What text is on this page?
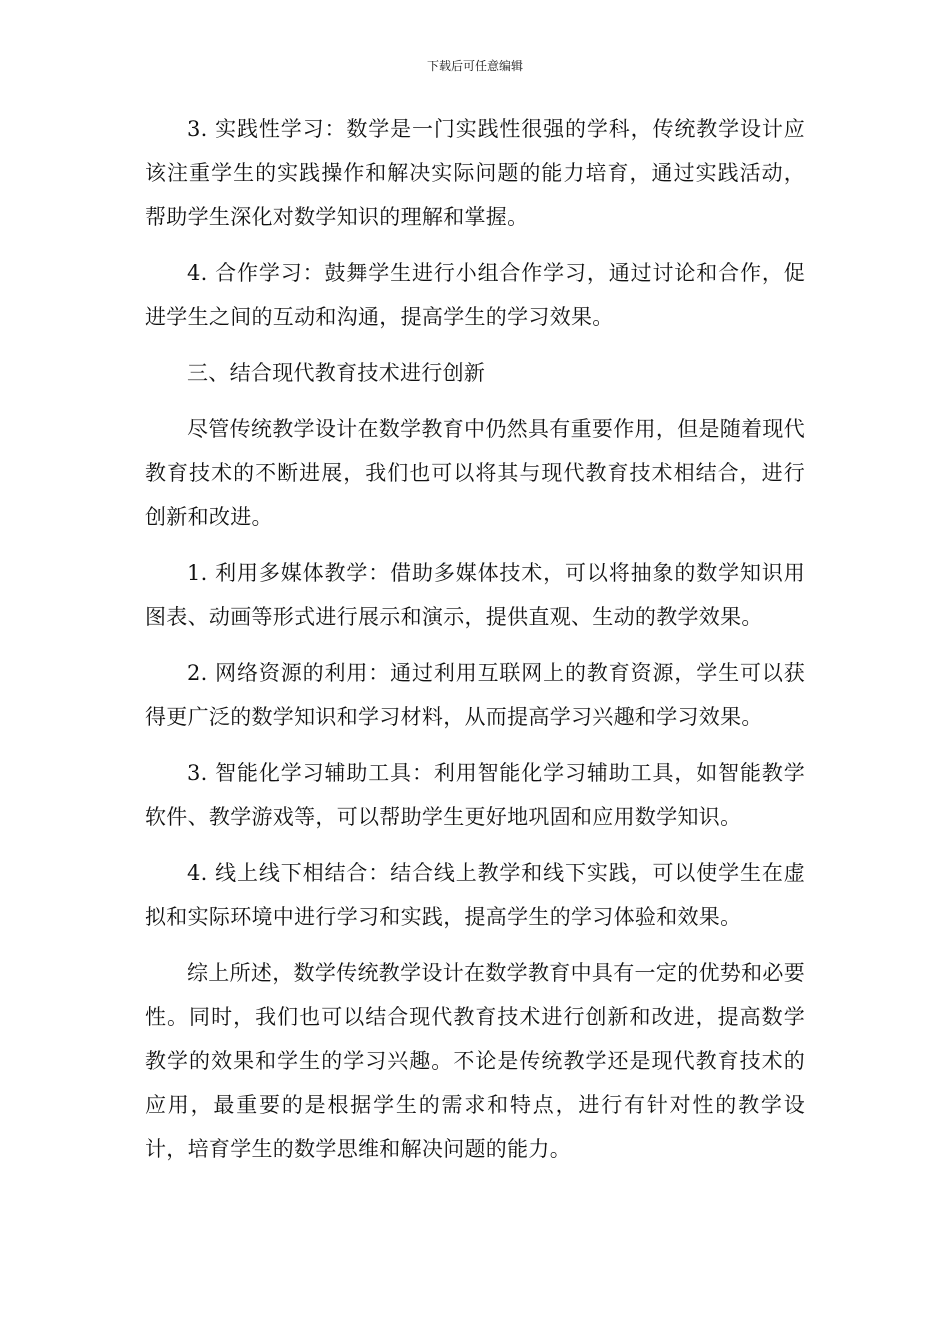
下载后可任意编辑

3. 实践性学习：数学是一门实践性很强的学科，传统教学设计应该注重学生的实践操作和解决实际问题的能力培育，通过实践活动，帮助学生深化对数学知识的理解和掌握。

4. 合作学习：鼓舞学生进行小组合作学习，通过讨论和合作，促进学生之间的互动和沟通，提高学生的学习效果。

三、结合现代教育技术进行创新

尽管传统教学设计在数学教育中仍然具有重要作用，但是随着现代教育技术的不断进展，我们也可以将其与现代教育技术相结合，进行创新和改进。

1. 利用多媒体教学：借助多媒体技术，可以将抽象的数学知识用图表、动画等形式进行展示和演示，提供直观、生动的教学效果。

2. 网络资源的利用：通过利用互联网上的教育资源，学生可以获得更广泛的数学知识和学习材料，从而提高学习兴趣和学习效果。

3. 智能化学习辅助工具：利用智能化学习辅助工具，如智能教学软件、教学游戏等，可以帮助学生更好地巩固和应用数学知识。

4. 线上线下相结合：结合线上教学和线下实践，可以使学生在虚拟和实际环境中进行学习和实践，提高学生的学习体验和效果。

综上所述，数学传统教学设计在数学教育中具有一定的优势和必要性。同时，我们也可以结合现代教育技术进行创新和改进，提高数学教学的效果和学生的学习兴趣。不论是传统教学还是现代教育技术的应用，最重要的是根据学生的需求和特点，进行有针对性的教学设计，培育学生的数学思维和解决问题的能力。
